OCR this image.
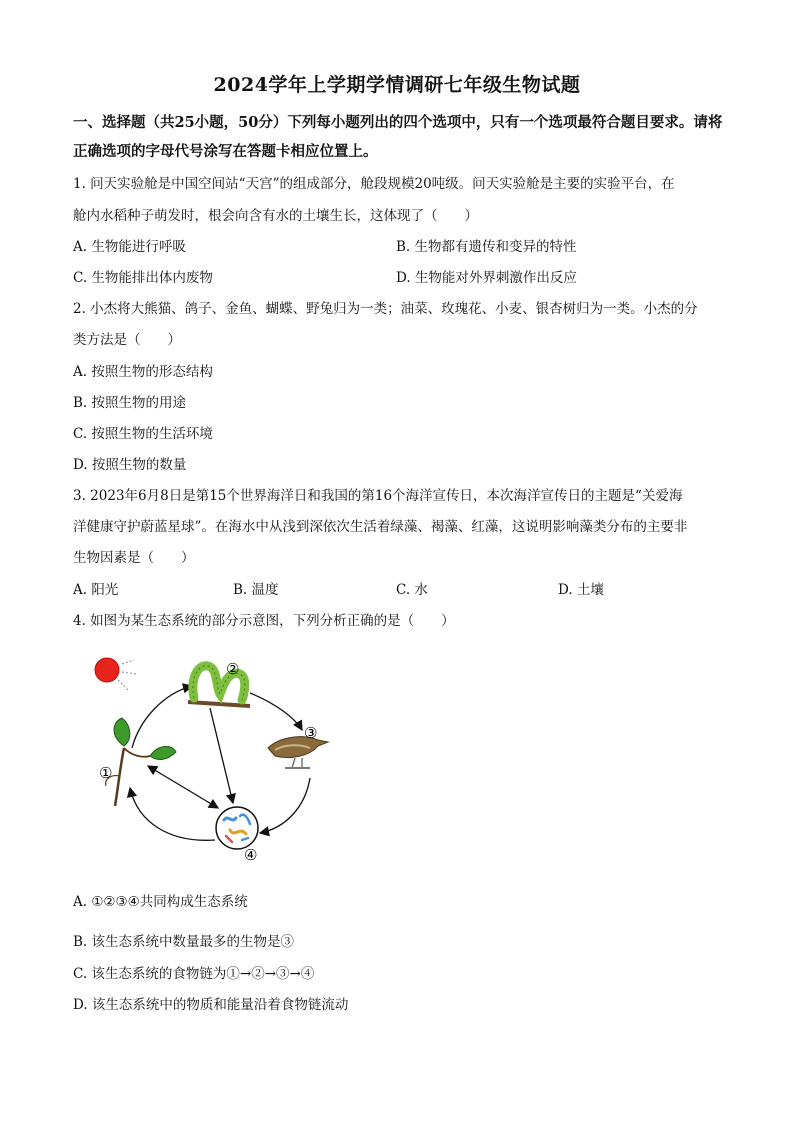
2024学年上学期学情调研七年级生物试题
一、选择题（共25小题，50分）下列每小题列出的四个选项中，只有一个选项最符合题目要求。请将正确选项的字母代号涂写在答题卡相应位置上。
1. 问天实验舱是中国空间站“天宫”的组成部分，舱段规模20吨级。问天实验舱是主要的实验平台，在
舱内水稻种子萌发时，根会向含有水的土壤生长，这体现了（　　）
A. 生物能进行呼吸	B. 生物都有遗传和变异的特性
C. 生物能排出体内废物	D. 生物能对外界刺激作出反应
2. 小杰将大熊猫、鸽子、金鱼、蝴蝶、野兔归为一类；油菜、玫瑰花、小麦、银杏树归为一类。小杰的分
类方法是（　　）
A. 按照生物的形态结构
B. 按照生物的用途
C. 按照生物的生活环境
D. 按照生物的数量
3. 2023年6月8日是第15个世界海洋日和我国的第16个海洋宣传日，本次海洋宣传日的主题是“关爱海
洋健康守护蔚蓝星球”。在海水中从浅到深依次生活着绿藻、褐藻、红藻，这说明影响藻类分布的主要非
生物因素是（　　）
A. 阳光	B. 温度	C. 水	D. 土壤
4. 如图为某生态系统的部分示意图，下列分析正确的是（　　）
①
②
③
④
A. ①②③④共同构成生态系统
B. 该生态系统中数量最多的生物是③
C. 该生态系统的食物链为①→②→③→④
D. 该生态系统中的物质和能量沿着食物链流动
